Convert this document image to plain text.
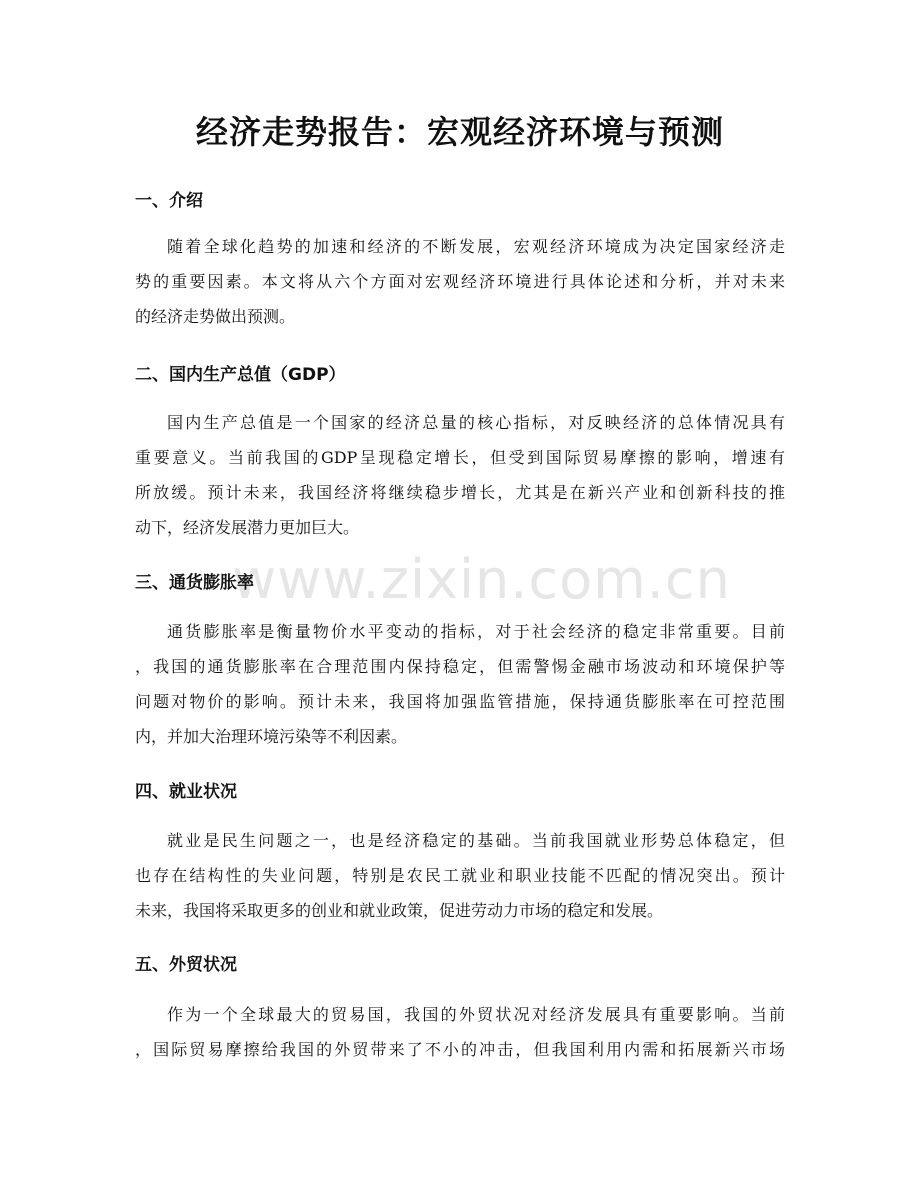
经济走势报告：宏观经济环境与预测
www.zixin.com.cn
一、介绍
随着全球化趋势的加速和经济的不断发展，宏观经济环境成为决定国家经济走
势的重要因素。本文将从六个方面对宏观经济环境进行具体论述和分析，并对未来
的经济走势做出预测。
二、国内生产总值（GDP）
国内生产总值是一个国家的经济总量的核心指标，对反映经济的总体情况具有
重要意义。当前我国的GDP呈现稳定增长，但受到国际贸易摩擦的影响，增速有
所放缓。预计未来，我国经济将继续稳步增长，尤其是在新兴产业和创新科技的推
动下，经济发展潜力更加巨大。
三、通货膨胀率
通货膨胀率是衡量物价水平变动的指标，对于社会经济的稳定非常重要。目前
，我国的通货膨胀率在合理范围内保持稳定，但需警惕金融市场波动和环境保护等
问题对物价的影响。预计未来，我国将加强监管措施，保持通货膨胀率在可控范围
内，并加大治理环境污染等不利因素。
四、就业状况
就业是民生问题之一，也是经济稳定的基础。当前我国就业形势总体稳定，但
也存在结构性的失业问题，特别是农民工就业和职业技能不匹配的情况突出。预计
未来，我国将采取更多的创业和就业政策，促进劳动力市场的稳定和发展。
五、外贸状况
作为一个全球最大的贸易国，我国的外贸状况对经济发展具有重要影响。当前
，国际贸易摩擦给我国的外贸带来了不小的冲击，但我国利用内需和拓展新兴市场
